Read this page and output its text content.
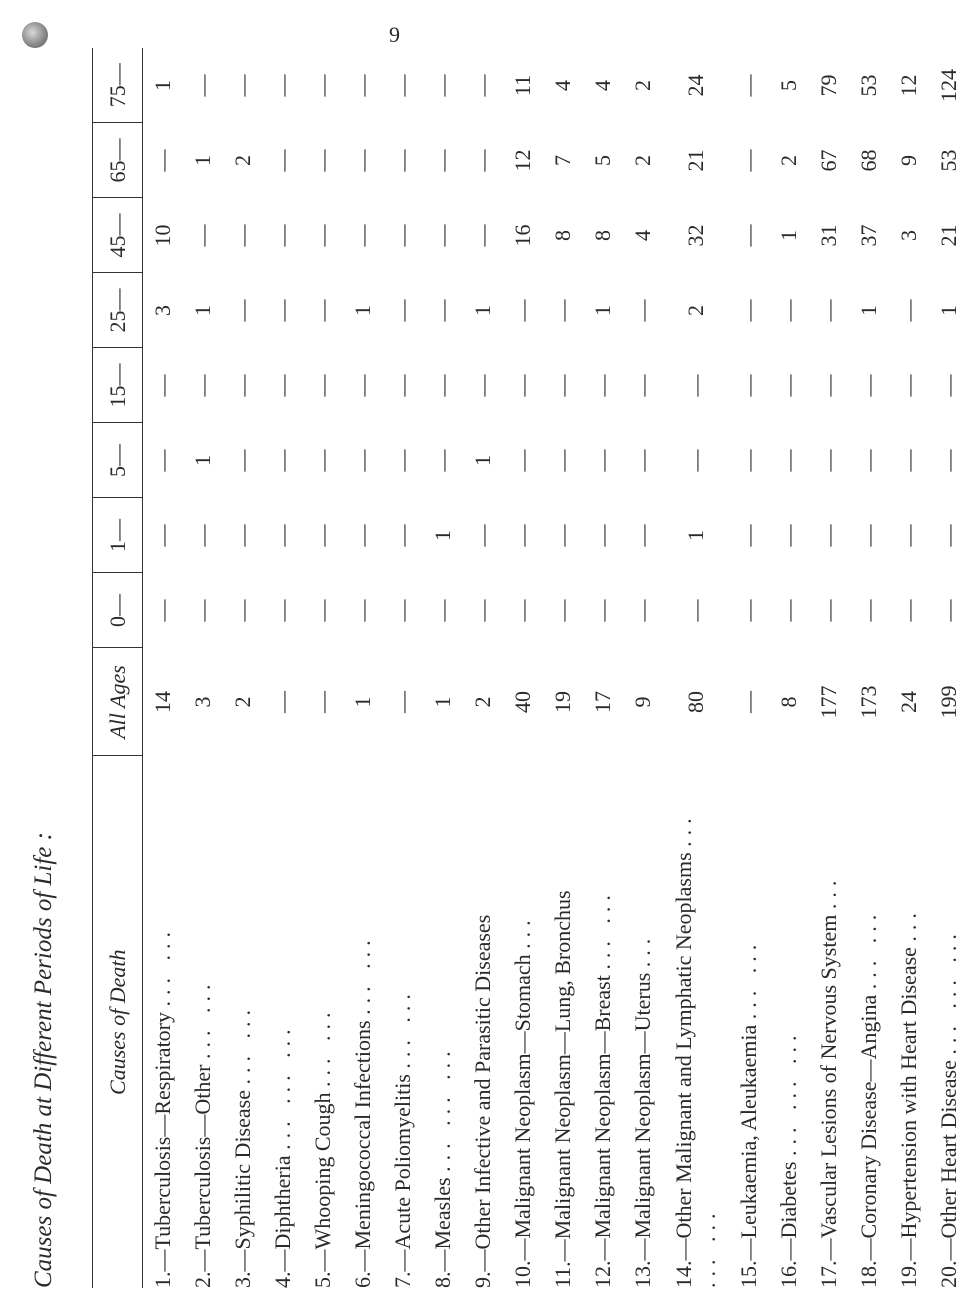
9
Causes of Death at Different Periods of Life : Causes of Death	All Ages	0—	1—	5—	15—	25—	45—	65—	75—
1.—Tuberculosis—Respiratory ... ...	14	—	—	—	—	3	10	—	1
2.—Tuberculosis—Other ... ...	3	—	—	1	—	1	—	1	—
3.—Syphilitic Disease ... ...	2	—	—	—	—	—	—	2	—
4.—Diphtheria ... ... ...	—	—	—	—	—	—	—	—	—
5.—Whooping Cough ... ...	—	—	—	—	—	—	—	—	—
6.—Meningococcal Infections ... ...	1	—	—	—	—	1	—	—	—
7.—Acute Poliomyelitis ... ...	—	—	—	—	—	—	—	—	—
8.—Measles ... ... ...	1	—	1	—	—	—	—	—	—
9.—Other Infective and Parasitic Diseases	2	—	—	1	—	1	—	—	—
10.—Malignant Neoplasm—Stomach ...	40	—	—	—	—	—	16	12	11
11.—Malignant Neoplasm—Lung, Bronchus	19	—	—	—	—	—	8	7	4
12.—Malignant Neoplasm—Breast ... ...	17	—	—	—	—	1	8	5	4
13.—Malignant Neoplasm—Uterus ...	9	—	—	—	—	—	4	2	2
14.—Other Malignant and Lymphatic Neoplasms ... ... ...	80	—	1	—	—	2	32	21	24
15.—Leukaemia, Aleukaemia ... ...	—	—	—	—	—	—	—	—	—
16.—Diabetes ... ... ...	8	—	—	—	—	—	1	2	5
17.—Vascular Lesions of Nervous System ...	177	—	—	—	—	—	31	67	79
18.—Coronary Disease—Angina ... ...	173	—	—	—	—	1	37	68	53
19.—Hypertension with Heart Disease ...	24	—	—	—	—	—	3	9	12
20.—Other Heart Disease ... ... ...	199	—	—	—	—	1	21	53	124
